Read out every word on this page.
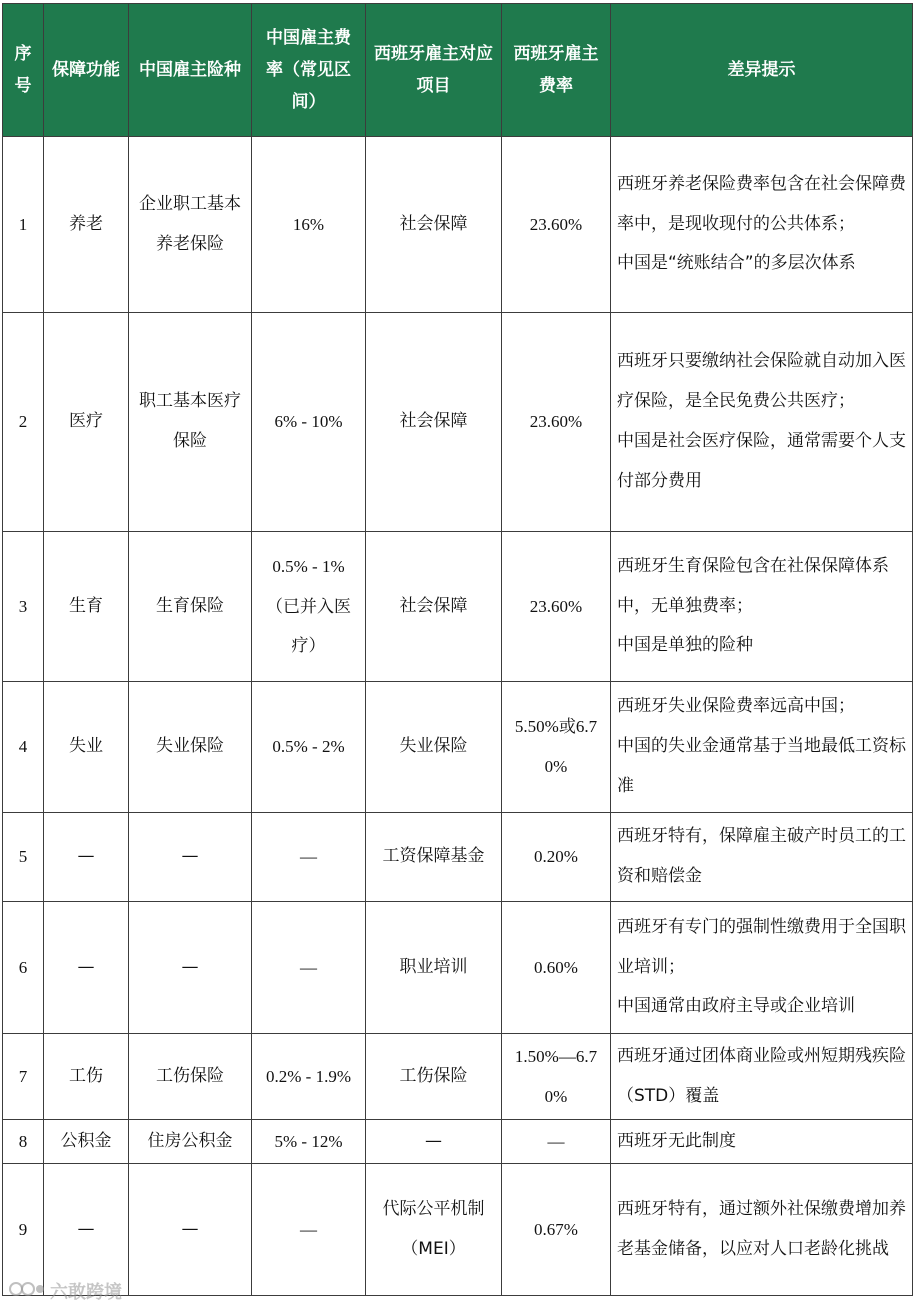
序号	保障功能	中国雇主险种	中国雇主费率（常见区间）	西班牙雇主对应项目	西班牙雇主费率	差异提示
1	养老	企业职工基本养老保险	16%	社会保障	23.60%	西班牙养老保险费率包含在社会保障费率中，是现收现付的公共体系；
中国是“统账结合”的多层次体系

2	医疗	职工基本医疗保险	6% - 10%	社会保障	23.60%	西班牙只要缴纳社会保险就自动加入医疗保险，是全民免费公共医疗；
中国是社会医疗保险，通常需要个人支付部分费用

3	生育	生育保险	0.5% - 1%（已并入医疗）	社会保障	23.60%	西班牙生育保险包含在社保保障体系中，无单独费率；
中国是单独的险种

4	失业	失业保险	0.5% - 2%	失业保险	5.50%或6.70%	西班牙失业保险费率远高中国；
中国的失业金通常基于当地最低工资标准

5	—	—	—	工资保障基金	0.20%	西班牙特有，保障雇主破产时员工的工资和赔偿金

6	—	—	—	职业培训	0.60%	西班牙有专门的强制性缴费用于全国职业培训；
中国通常由政府主导或企业培训

7	工伤	工伤保险	0.2% - 1.9%	工伤保险	1.50%—6.70%	西班牙通过团体商业险或州短期残疾险（STD）覆盖

8	公积金	住房公积金	5% - 12%	—	—	西班牙无此制度

9	—	—	—	代际公平机制（MEI）	0.67%	西班牙特有，通过额外社保缴费增加养老基金储备，以应对人口老龄化挑战
六敢跨境
